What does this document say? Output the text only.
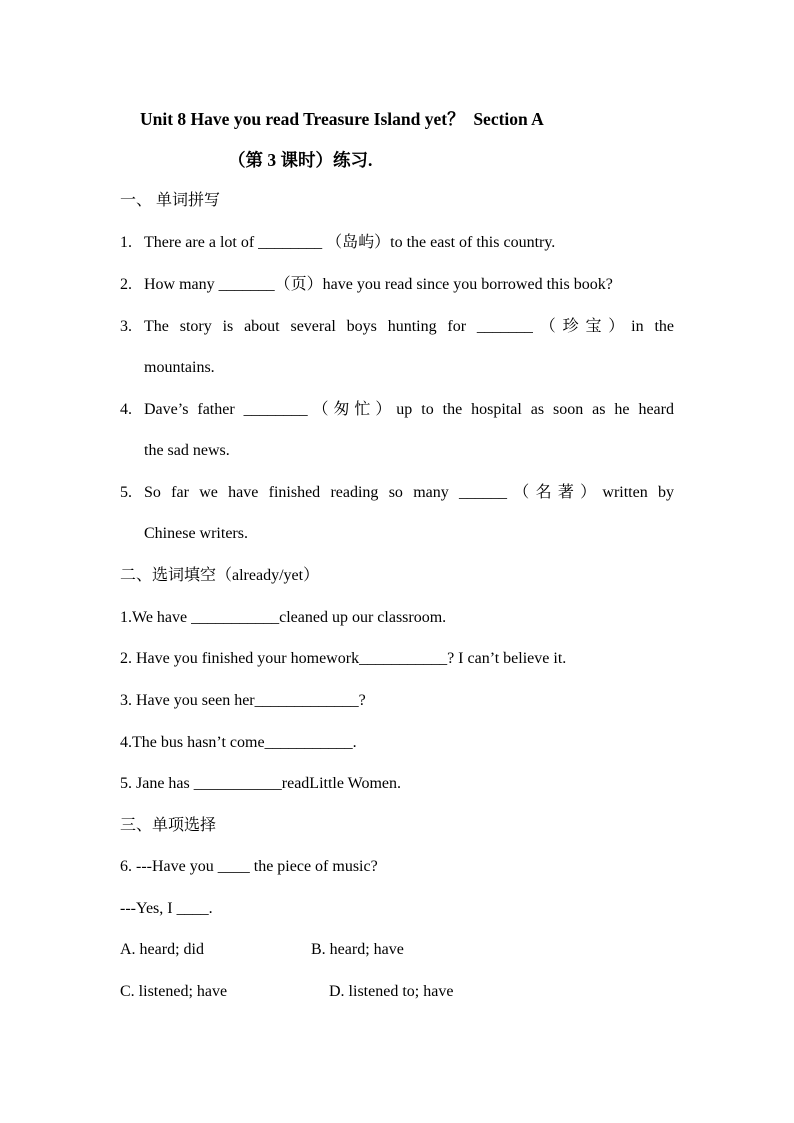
Unit 8 Have you read Treasure Island yet？  Section A
（第 3 课时）练习.
一、 单词拼写
1. There are a lot of ________ （岛屿）to the east of this country.
2. How many _______（页）have you read since you borrowed this book?
3. The story is about several boys hunting for _______（珍宝）in the
mountains.
4. Dave’s father ________（匆忙）up to the hospital as soon as he heard
the sad news.
5. So far we have finished reading so many ______（名著）written by
Chinese writers.
二、选词填空（already/yet）
1.We have ___________cleaned up our classroom.
2. Have you finished your homework___________? I can’t believe it.
3. Have you seen her_____________?
4.The bus hasn’t come___________.
5. Jane has ___________readLittle Women.
三、单项选择
6. ---Have you ____ the piece of music?
---Yes, I ____.
A. heard; did	B. heard; have
C. listened; have	D. listened to; have
